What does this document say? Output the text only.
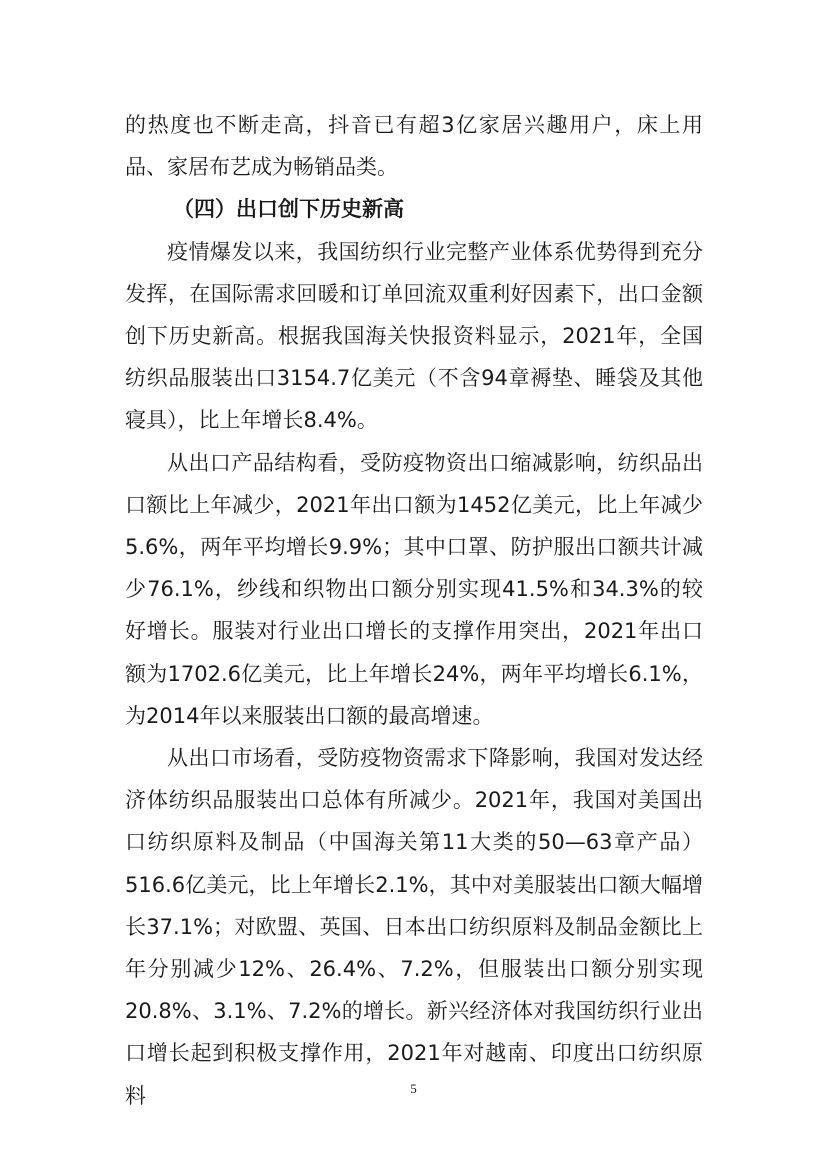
的热度也不断走高，抖音已有超3亿家居兴趣用户，床上用品、家居布艺成为畅销品类。

（四）出口创下历史新高

疫情爆发以来，我国纺织行业完整产业体系优势得到充分发挥，在国际需求回暖和订单回流双重利好因素下，出口金额创下历史新高。根据我国海关快报资料显示，2021年，全国纺织品服装出口3154.7亿美元（不含94章褥垫、睡袋及其他寝具），比上年增长8.4%。

从出口产品结构看，受防疫物资出口缩减影响，纺织品出口额比上年减少，2021年出口额为1452亿美元，比上年减少5.6%，两年平均增长9.9%；其中口罩、防护服出口额共计减少76.1%，纱线和织物出口额分别实现41.5%和34.3%的较好增长。服装对行业出口增长的支撑作用突出，2021年出口额为1702.6亿美元，比上年增长24%，两年平均增长6.1%，为2014年以来服装出口额的最高增速。

从出口市场看，受防疫物资需求下降影响，我国对发达经济体纺织品服装出口总体有所减少。2021年，我国对美国出口纺织原料及制品（中国海关第11大类的50—63章产品）516.6亿美元，比上年增长2.1%，其中对美服装出口额大幅增长37.1%；对欧盟、英国、日本出口纺织原料及制品金额比上年分别减少12%、26.4%、7.2%，但服装出口额分别实现20.8%、3.1%、7.2%的增长。新兴经济体对我国纺织行业出口增长起到积极支撑作用，2021年对越南、印度出口纺织原料	5
